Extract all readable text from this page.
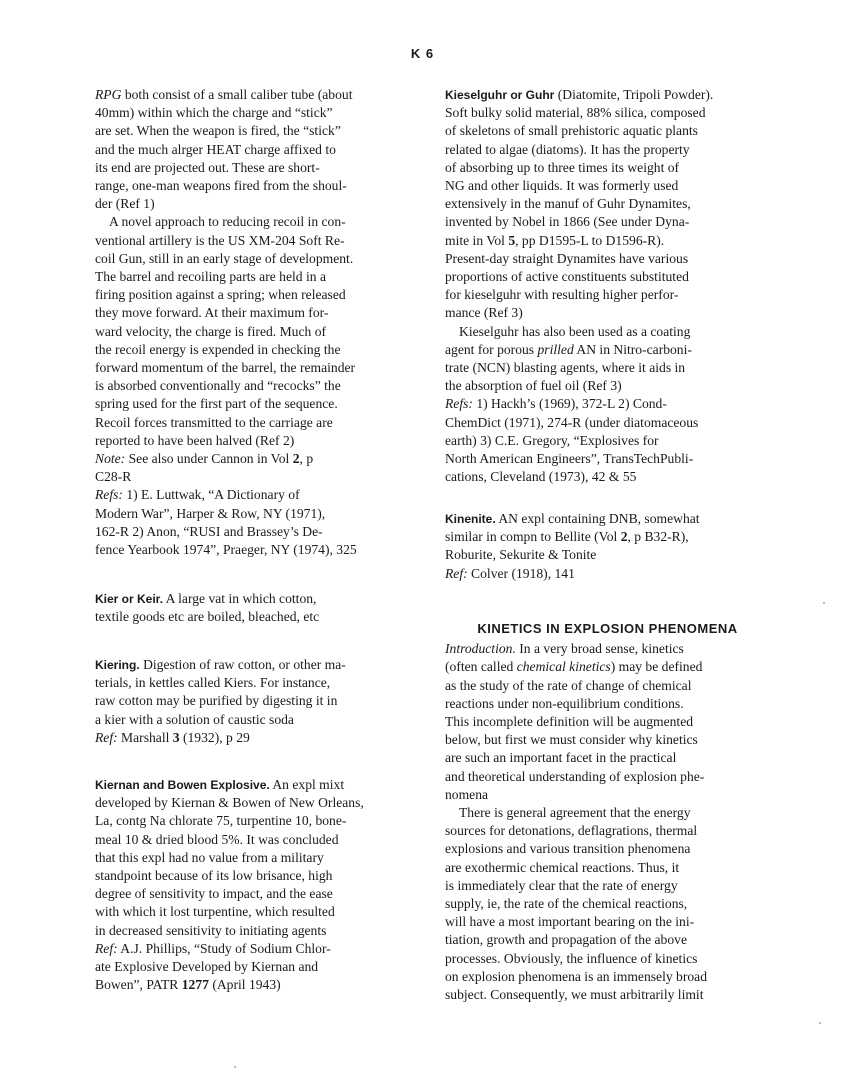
K 6
RPG both consist of a small caliber tube (about
40mm) within which the charge and “stick”
are set. When the weapon is fired, the “stick”
and the much alrger HEAT charge affixed to
its end are projected out. These are short-
range, one-man weapons fired from the shoul-
der (Ref 1)
A novel approach to reducing recoil in con-
ventional artillery is the US XM-204 Soft Re-
coil Gun, still in an early stage of development.
The barrel and recoiling parts are held in a
firing position against a spring; when released
they move forward. At their maximum for-
ward velocity, the charge is fired. Much of
the recoil energy is expended in checking the
forward momentum of the barrel, the remainder
is absorbed conventionally and “recocks” the
spring used for the first part of the sequence.
Recoil forces transmitted to the carriage are
reported to have been halved (Ref 2)
Note: See also under Cannon in Vol 2, p
C28-R
Refs: 1) E. Luttwak, “A Dictionary of
Modern War”, Harper & Row, NY (1971),
162-R 2) Anon, “RUSI and Brassey’s De-
fence Yearbook 1974”, Praeger, NY (1974), 325
Kier or Keir. A large vat in which cotton,
textile goods etc are boiled, bleached, etc
Kiering. Digestion of raw cotton, or other ma-
terials, in kettles called Kiers. For instance,
raw cotton may be purified by digesting it in
a kier with a solution of caustic soda
Ref: Marshall 3 (1932), p 29
Kiernan and Bowen Explosive. An expl mixt
developed by Kiernan & Bowen of New Orleans,
La, contg Na chlorate 75, turpentine 10, bone-
meal 10 & dried blood 5%. It was concluded
that this expl had no value from a military
standpoint because of its low brisance, high
degree of sensitivity to impact, and the ease
with which it lost turpentine, which resulted
in decreased sensitivity to initiating agents
Ref: A.J. Phillips, “Study of Sodium Chlor-
ate Explosive Developed by Kiernan and
Bowen”, PATR 1277 (April 1943)
Kieselguhr or Guhr (Diatomite, Tripoli Powder).
Soft bulky solid material, 88% silica, composed
of skeletons of small prehistoric aquatic plants
related to algae (diatoms). It has the property
of absorbing up to three times its weight of
NG and other liquids. It was formerly used
extensively in the manuf of Guhr Dynamites,
invented by Nobel in 1866 (See under Dyna-
mite in Vol 5, pp D1595-L to D1596-R).
Present-day straight Dynamites have various
proportions of active constituents substituted
for kieselguhr with resulting higher perfor-
mance (Ref 3)
Kieselguhr has also been used as a coating
agent for porous prilled AN in Nitro-carboni-
trate (NCN) blasting agents, where it aids in
the absorption of fuel oil (Ref 3)
Refs: 1) Hackh’s (1969), 372-L 2) Cond-
ChemDict (1971), 274-R (under diatomaceous
earth) 3) C.E. Gregory, “Explosives for
North American Engineers”, TransTechPubli-
cations, Cleveland (1973), 42 & 55
Kinenite. AN expl containing DNB, somewhat
similar in compn to Bellite (Vol 2, p B32-R),
Roburite, Sekurite & Tonite
Ref: Colver (1918), 141
KINETICS IN EXPLOSION PHENOMENA
Introduction. In a very broad sense, kinetics
(often called chemical kinetics) may be defined
as the study of the rate of change of chemical
reactions under non-equilibrium conditions.
This incomplete definition will be augmented
below, but first we must consider why kinetics
are such an important facet in the practical
and theoretical understanding of explosion phe-
nomena
There is general agreement that the energy
sources for detonations, deflagrations, thermal
explosions and various transition phenomena
are exothermic chemical reactions. Thus, it
is immediately clear that the rate of energy
supply, ie, the rate of the chemical reactions,
will have a most important bearing on the ini-
tiation, growth and propagation of the above
processes. Obviously, the influence of kinetics
on explosion phenomena is an immensely broad
subject. Consequently, we must arbitrarily limit
